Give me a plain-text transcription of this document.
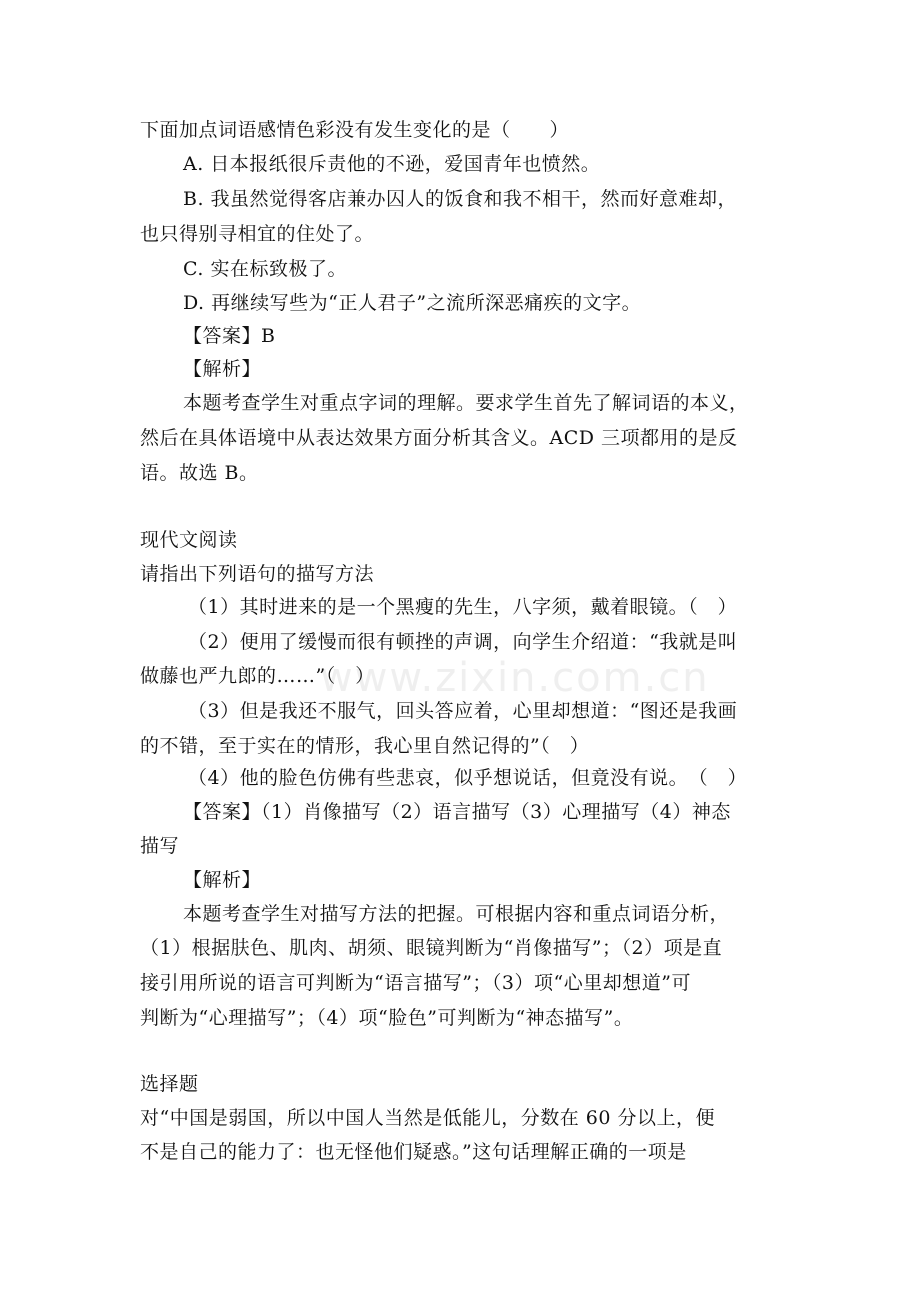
www.zixin.com.cn
下面加点词语感情色彩没有发生变化的是（　　）
A. 日本报纸很斥责他的不逊，爱国青年也愤然。
B. 我虽然觉得客店兼办囚人的饭食和我不相干，然而好意难却，
也只得别寻相宜的住处了。
C. 实在标致极了。
D. 再继续写些为“正人君子”之流所深恶痛疾的文字。
【答案】B
【解析】
本题考查学生对重点字词的理解。要求学生首先了解词语的本义，
然后在具体语境中从表达效果方面分析其含义。ACD 三项都用的是反
语。故选 B。
现代文阅读
请指出下列语句的描写方法
（1）其时进来的是一个黑瘦的先生，八字须，戴着眼镜。（　）
（2）便用了缓慢而很有顿挫的声调，向学生介绍道：“我就是叫
做藤也严九郎的……”（　）
（3）但是我还不服气，回头答应着，心里却想道：“图还是我画
的不错，至于实在的情形，我心里自然记得的”（　）
（4）他的脸色仿佛有些悲哀，似乎想说话，但竟没有说。　（　）
【答案】（1）肖像描写（2）语言描写（3）心理描写（4）神态
描写
【解析】
本题考查学生对描写方法的把握。可根据内容和重点词语分析，
（1）根据肤色、肌肉、胡须、眼镜判断为“肖像描写”；（2）项是直
接引用所说的语言可判断为“语言描写”；（3）项“心里却想道”可
判断为“心理描写”；（4）项“脸色”可判断为“神态描写”。
选择题
对“中国是弱国，所以中国人当然是低能儿，分数在 60 分以上，便
不是自己的能力了：也无怪他们疑惑。”这句话理解正确的一项是
